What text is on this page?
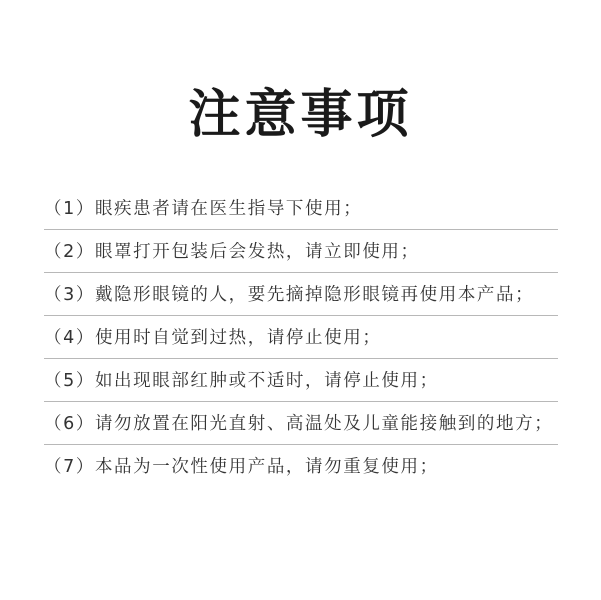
注意事项
（1）眼疾患者请在医生指导下使用；
（2）眼罩打开包装后会发热，请立即使用；
（3）戴隐形眼镜的人，要先摘掉隐形眼镜再使用本产品；
（4）使用时自觉到过热，请停止使用；
（5）如出现眼部红肿或不适时，请停止使用；
（6）请勿放置在阳光直射、高温处及儿童能接触到的地方；
（7）本品为一次性使用产品，请勿重复使用；
